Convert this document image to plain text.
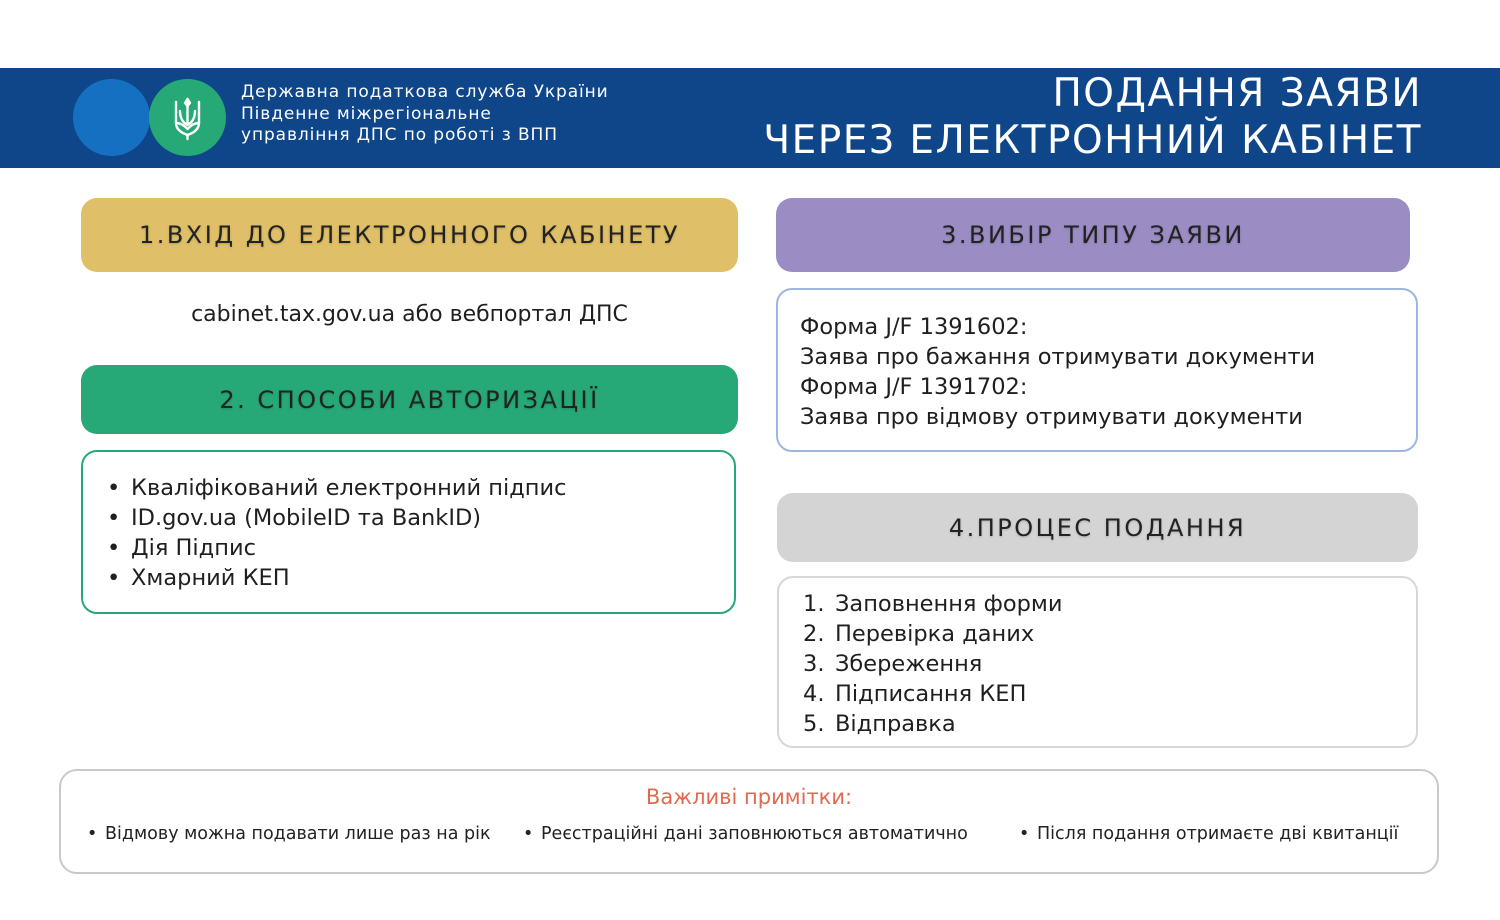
Державна податкова служба України
Південне міжрегіональне
управління ДПС по роботі з ВПП
ПОДАННЯ ЗАЯВИ
ЧЕРЕЗ ЕЛЕКТРОННИЙ КАБІНЕТ
1.ВХІД ДО ЕЛЕКТРОННОГО КАБІНЕТУ
cabinet.tax.gov.ua або вебпортал ДПС
2. СПОСОБИ АВТОРИЗАЦІЇ
• Кваліфікований електронний підпис
• ID.gov.ua (MobileID та BankID)
• Дія Підпис
• Хмарний КЕП
3.ВИБІР ТИПУ ЗАЯВИ
Форма J/F 1391602:
Заява про бажання отримувати документи
Форма J/F 1391702:
Заява про відмову отримувати документи
4.ПРОЦЕС ПОДАННЯ
1. Заповнення форми
2. Перевірка даних
3. Збереження
4. Підписання КЕП
5. Відправка
Важливі примітки:
• Відмову можна подавати лише раз на рік • Реєстраційні дані заповнюються автоматично	• Після подання отримаєте дві квитанції
